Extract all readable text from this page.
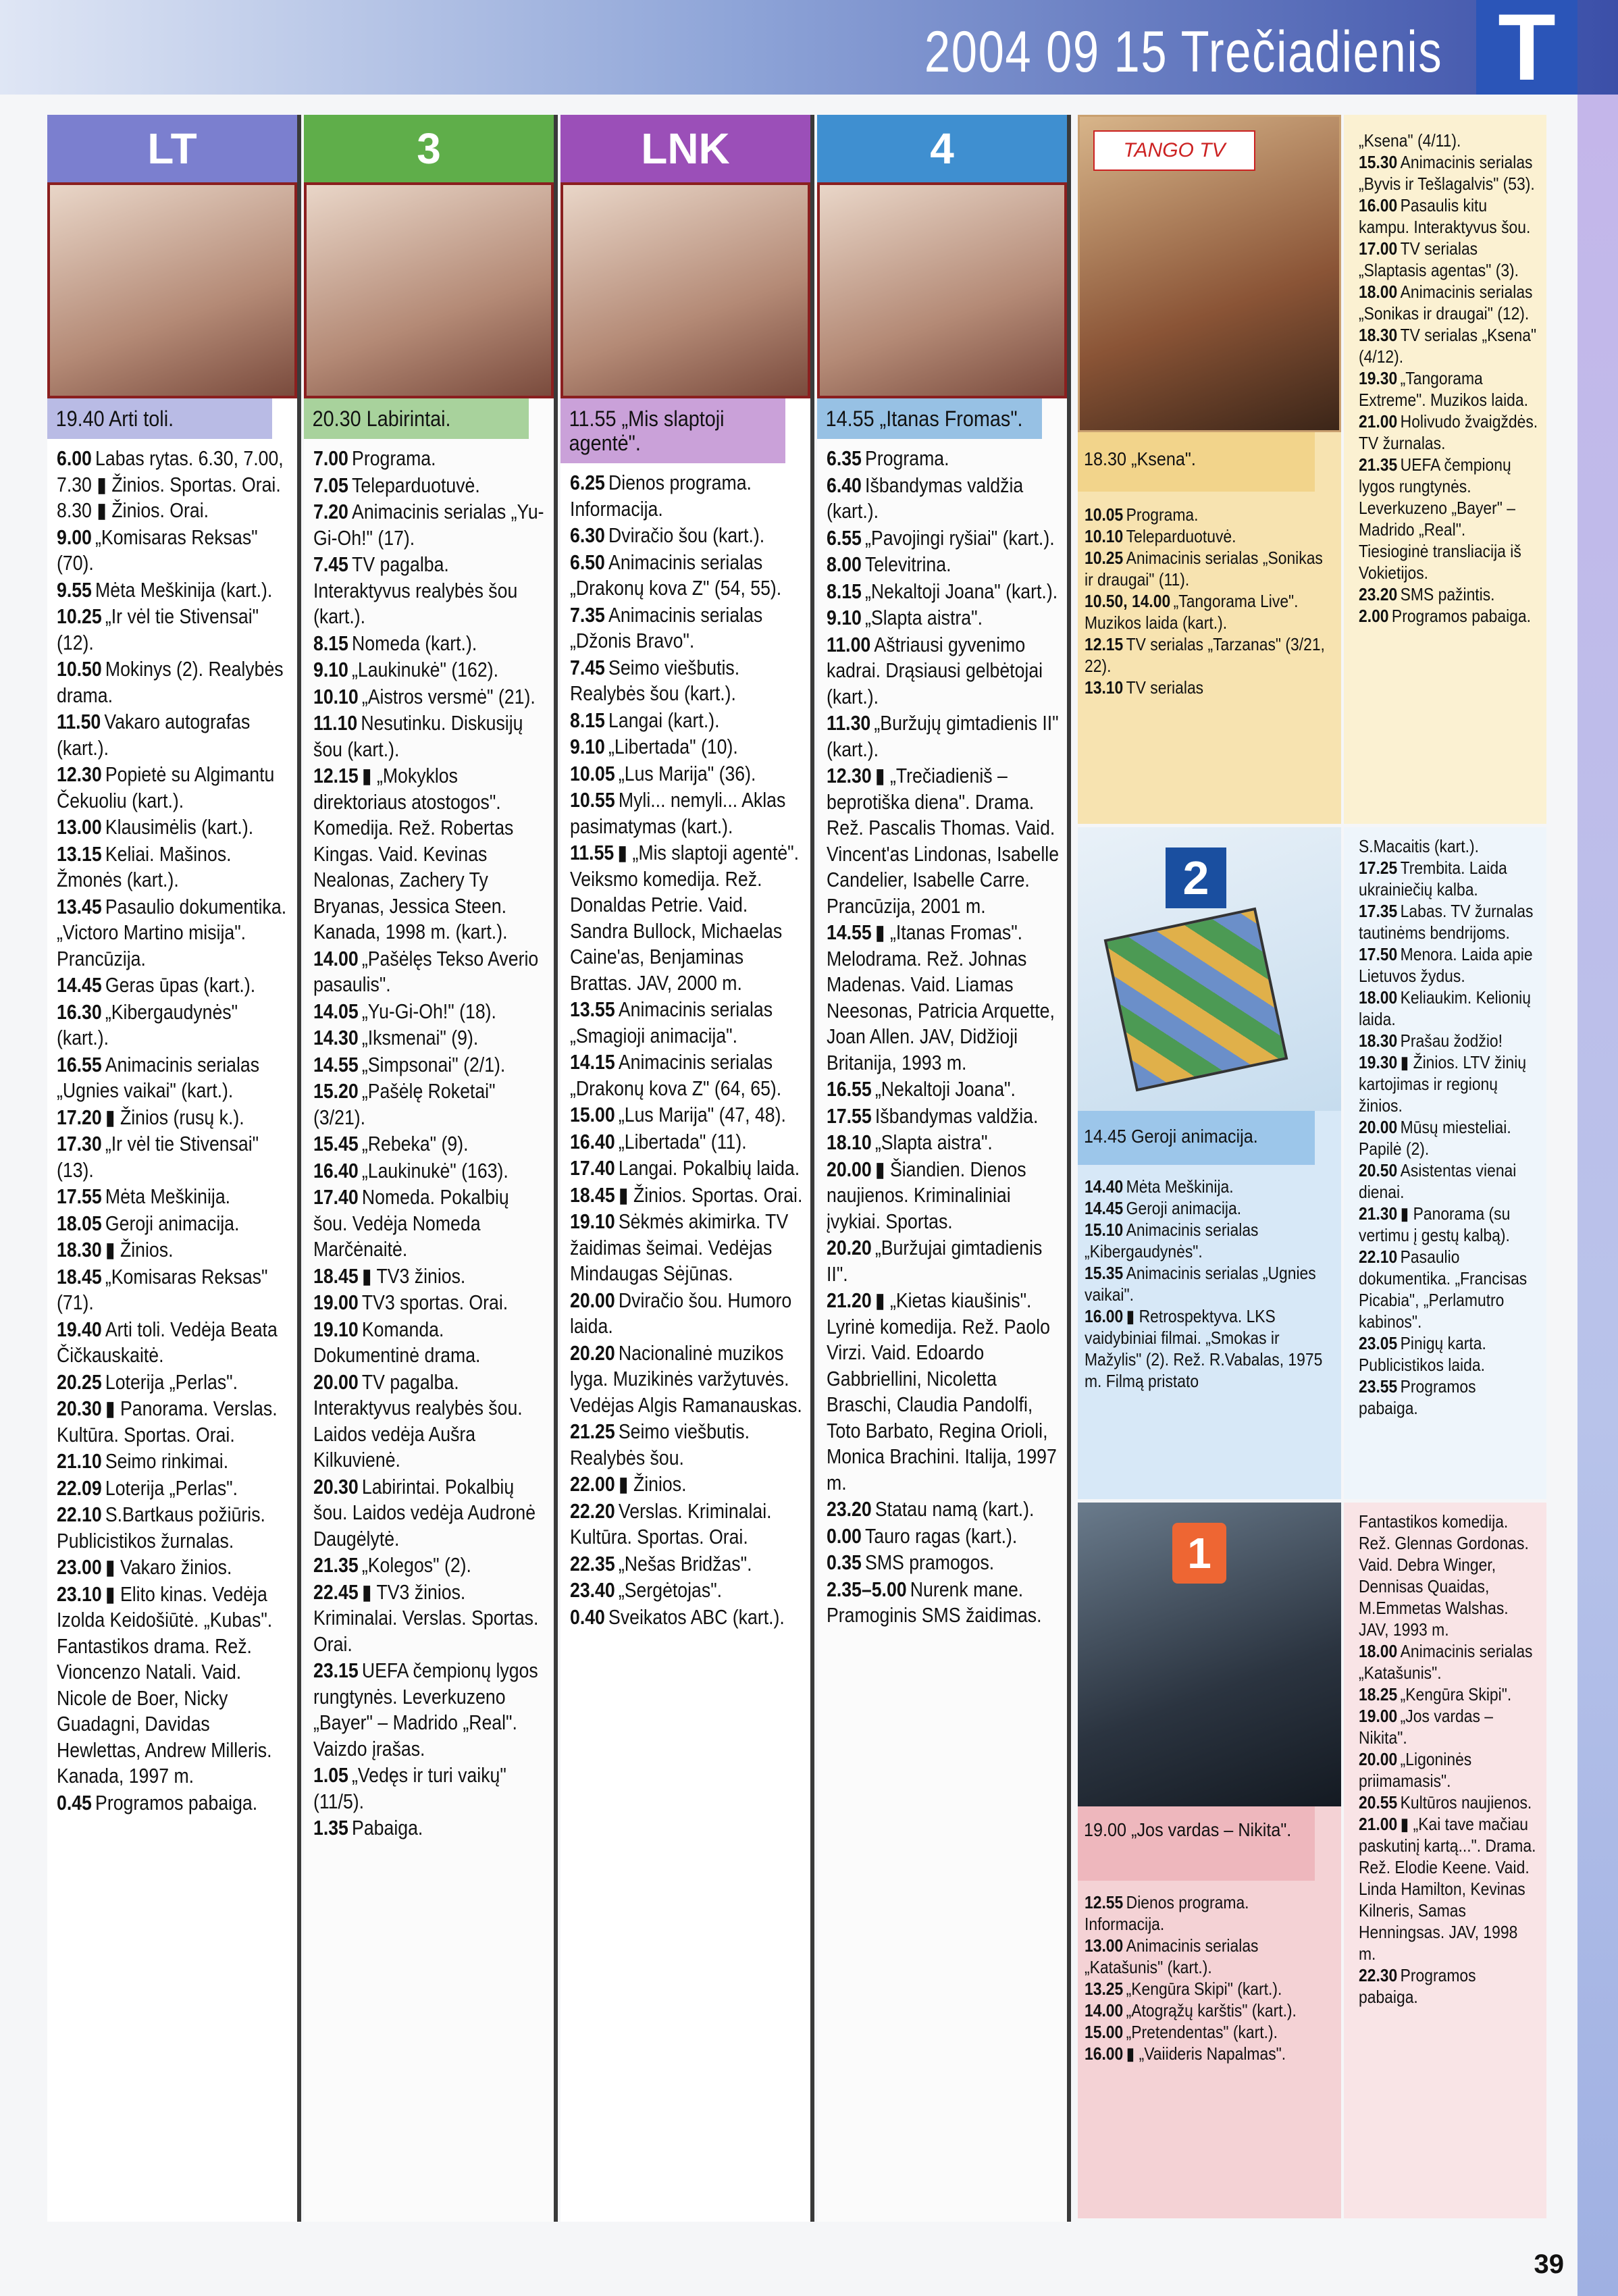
2004 09 15 Trečiadienis T
LT
19.40 Arti toli.
6.00 Labas rytas. 6.30, 7.00, 7.30 ▮ Žinios. Sportas. Orai. 8.30 ▮ Žinios. Orai.
9.00 „Komisaras Reksas" (70).
9.55 Mėta Meškinija (kart.).
10.25 „Ir vėl tie Stivensai" (12).
10.50 Mokinys (2). Realybės drama.
11.50 Vakaro autografas (kart.).
12.30 Popietė su Algimantu Čekuoliu (kart.).
13.00 Klausimėlis (kart.).
13.15 Keliai. Mašinos. Žmonės (kart.).
13.45 Pasaulio dokumentika. „Victoro Martino misija". Prancūzija.
14.45 Geras ūpas (kart.).
16.30 „Kibergaudynės" (kart.).
16.55 Animacinis serialas „Ugnies vaikai" (kart.).
17.20 ▮ Žinios (rusų k.).
17.30 „Ir vėl tie Stivensai" (13).
17.55 Mėta Meškinija.
18.05 Geroji animacija.
18.30 ▮ Žinios.
18.45 „Komisaras Reksas" (71).
19.40 Arti toli. Vedėja Beata Čičkauskaitė.
20.25 Loterija „Perlas".
20.30 ▮ Panorama. Verslas. Kultūra. Sportas. Orai.
21.10 Seimo rinkimai.
22.09 Loterija „Perlas".
22.10 S.Bartkaus požiūris. Publicistikos žurnalas.
23.00 ▮ Vakaro žinios.
23.10 ▮ Elito kinas. Vedėja Izolda Keidošiūtė. „Kubas". Fantastikos drama. Rež. Vioncenzo Natali. Vaid. Nicole de Boer, Nicky Guadagni, Davidas Hewlettas, Andrew Milleris. Kanada, 1997 m.
0.45 Programos pabaiga.
3
20.30 Labirintai.
7.00 Programa.
7.05 Teleparduotuvė.
7.20 Animacinis serialas „Yu-Gi-Oh!" (17).
7.45 TV pagalba. Interaktyvus realybės šou (kart.).
8.15 Nomeda (kart.).
9.10 „Laukinukė" (162).
10.10 „Aistros versmė" (21).
11.10 Nesutinku. Diskusijų šou (kart.).
12.15 ▮ „Mokyklos direktoriaus atostogos". Komedija. Rež. Robertas Kingas. Vaid. Kevinas Nealonas, Zachery Ty Bryanas, Jessica Steen. Kanada, 1998 m. (kart.).
14.00 „Pašėlęs Tekso Averio pasaulis".
14.05 „Yu-Gi-Oh!" (18).
14.30 „Iksmenai" (9).
14.55 „Simpsonai" (2/1).
15.20 „Pašėlę Roketai" (3/21).
15.45 „Rebeka" (9).
16.40 „Laukinukė" (163).
17.40 Nomeda. Pokalbių šou. Vedėja Nomeda Marčėnaitė.
18.45 ▮ TV3 žinios.
19.00 TV3 sportas. Orai.
19.10 Komanda. Dokumentinė drama.
20.00 TV pagalba. Interaktyvus realybės šou. Laidos vedėja Aušra Kilkuvienė.
20.30 Labirintai. Pokalbių šou. Laidos vedėja Audronė Daugėlytė.
21.35 „Kolegos" (2).
22.45 ▮ TV3 žinios. Kriminalai. Verslas. Sportas. Orai.
23.15 UEFA čempionų lygos rungtynės. Leverkuzeno „Bayer" – Madrido „Real". Vaizdo įrašas.
1.05 „Vedęs ir turi vaikų" (11/5).
1.35 Pabaiga.
LNK
11.55 „Mis slaptoji agentė".
6.25 Dienos programa. Informacija.
6.30 Dviračio šou (kart.).
6.50 Animacinis serialas „Drakonų kova Z" (54, 55).
7.35 Animacinis serialas „Džonis Bravo".
7.45 Seimo viešbutis. Realybės šou (kart.).
8.15 Langai (kart.).
9.10 „Libertada" (10).
10.05 „Lus Marija" (36).
10.55 Myli... nemyli... Aklas pasimatymas (kart.).
11.55 ▮ „Mis slaptoji agentė". Veiksmo komedija. Rež. Donaldas Petrie. Vaid. Sandra Bullock, Michaelas Caine'as, Benjaminas Brattas. JAV, 2000 m.
13.55 Animacinis serialas „Smagioji animacija".
14.15 Animacinis serialas „Drakonų kova Z" (64, 65).
15.00 „Lus Marija" (47, 48).
16.40 „Libertada" (11).
17.40 Langai. Pokalbių laida.
18.45 ▮ Žinios. Sportas. Orai.
19.10 Sėkmės akimirka. TV žaidimas šeimai. Vedėjas Mindaugas Sėjūnas.
20.00 Dviračio šou. Humoro laida.
20.20 Nacionalinė muzikos lyga. Muzikinės varžytuvės. Vedėjas Algis Ramanauskas.
21.25 Seimo viešbutis. Realybės šou.
22.00 ▮ Žinios.
22.20 Verslas. Kriminalai. Kultūra. Sportas. Orai.
22.35 „Nešas Bridžas".
23.40 „Sergėtojas".
0.40 Sveikatos ABC (kart.).
4
14.55 „Itanas Fromas".
6.35 Programa.
6.40 Išbandymas valdžia (kart.).
6.55 „Pavojingi ryšiai" (kart.).
8.00 Televitrina.
8.15 „Nekaltoji Joana" (kart.).
9.10 „Slapta aistra".
11.00 Aštriausi gyvenimo kadrai. Drąsiausi gelbėtojai (kart.).
11.30 „Buržujų gimtadienis II" (kart.).
12.30 ▮ „Trečiadieniš – beprotiška diena". Drama. Rež. Pascalis Thomas. Vaid. Vincent'as Lindonas, Isabelle Candelier, Isabelle Carre. Prancūzija, 2001 m.
14.55 ▮ „Itanas Fromas". Melodrama. Rež. Johnas Madenas. Vaid. Liamas Neesonas, Patricia Arquette, Joan Allen. JAV, Didžioji Britanija, 1993 m.
16.55 „Nekaltoji Joana".
17.55 Išbandymas valdžia.
18.10 „Slapta aistra".
20.00 ▮ Šiandien. Dienos naujienos. Kriminaliniai įvykiai. Sportas.
20.20 „Buržujai gimtadienis II".
21.20 ▮ „Kietas kiaušinis". Lyrinė komedija. Rež. Paolo Virzi. Vaid. Edoardo Gabbriellini, Nicoletta Braschi, Claudia Pandolfi, Toto Barbato, Regina Orioli, Monica Brachini. Italija, 1997 m.
23.20 Statau namą (kart.).
0.00 Tauro ragas (kart.).
0.35 SMS pramogos.
2.35–5.00 Nurenk mane. Pramoginis SMS žaidimas.
TANGO TV
18.30 „Ksena".
10.05 Programa.
10.10 Teleparduotuvė.
10.25 Animacinis serialas „Sonikas ir draugai" (11).
10.50, 14.00 „Tangorama Live". Muzikos laida (kart.).
12.15 TV serialas „Tarzanas" (3/21, 22).
13.10 TV serialas
„Ksena" (4/11).
15.30 Animacinis serialas „Byvis ir Tešlagalvis" (53).
16.00 Pasaulis kitu kampu. Interaktyvus šou.
17.00 TV serialas „Slaptasis agentas" (3).
18.00 Animacinis serialas „Sonikas ir draugai" (12).
18.30 TV serialas „Ksena" (4/12).
19.30 „Tangorama Extreme". Muzikos laida.
21.00 Holivudo žvaigždės. TV žurnalas.
21.35 UEFA čempionų lygos rungtynės. Leverkuzeno „Bayer" – Madrido „Real". Tiesioginė transliacija iš Vokietijos.
23.20 SMS pažintis.
2.00 Programos pabaiga.
2
14.45 Geroji animacija.
14.40 Mėta Meškinija.
14.45 Geroji animacija.
15.10 Animacinis serialas „Kibergaudynės".
15.35 Animacinis serialas „Ugnies vaikai".
16.00 ▮ Retrospektyva. LKS vaidybiniai filmai. „Smokas ir Mažylis" (2). Rež. R.Vabalas, 1975 m. Filmą pristato
S.Macaitis (kart.).
17.25 Trembita. Laida ukrainiečių kalba.
17.35 Labas. TV žurnalas tautinėms bendrijoms.
17.50 Menora. Laida apie Lietuvos žydus.
18.00 Keliaukim. Kelionių laida.
18.30 Prašau žodžio!
19.30 ▮ Žinios. LTV žinių kartojimas ir regionų žinios.
20.00 Mūsų miesteliai. Papilė (2).
20.50 Asistentas vienai dienai.
21.30 ▮ Panorama (su vertimu į gestų kalbą).
22.10 Pasaulio dokumentika. „Francisas Picabia", „Perlamutro kabinos".
23.05 Pinigų karta. Publicistikos laida.
23.55 Programos pabaiga.
1
19.00 „Jos vardas – Nikita".
12.55 Dienos programa. Informacija.
13.00 Animacinis serialas „Katašunis" (kart.).
13.25 „Kengūra Skipi" (kart.).
14.00 „Atogrąžų karštis" (kart.).
15.00 „Pretendentas" (kart.).
16.00 ▮ „Vaiideris Napalmas".
Fantastikos komedija. Rež. Glennas Gordonas. Vaid. Debra Winger, Dennisas Quaidas, M.Emmetas Walshas. JAV, 1993 m.
18.00 Animacinis serialas „Katašunis".
18.25 „Kengūra Skipi".
19.00 „Jos vardas – Nikita".
20.00 „Ligoninės priimamasis".
20.55 Kultūros naujienos.
21.00 ▮ „Kai tave mačiau paskutinį kartą...". Drama. Rež. Elodie Keene. Vaid. Linda Hamilton, Kevinas Kilneris, Samas Henningsas. JAV, 1998 m.
22.30 Programos pabaiga.
39
